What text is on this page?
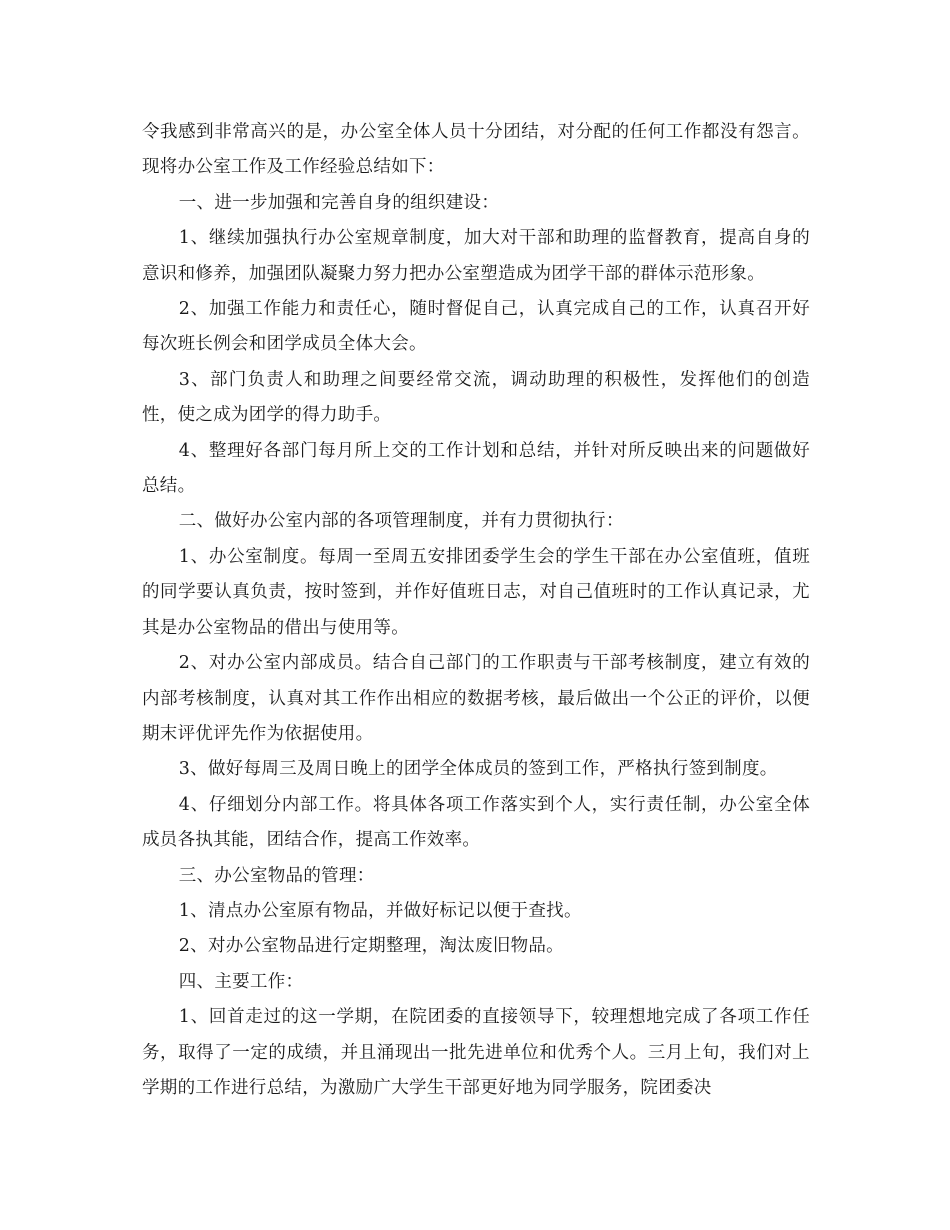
令我感到非常高兴的是，办公室全体人员十分团结，对分配的任何工作都没有怨言。现将办公室工作及工作经验总结如下：

一、进一步加强和完善自身的组织建设：

1、继续加强执行办公室规章制度，加大对干部和助理的监督教育，提高自身的意识和修养，加强团队凝聚力努力把办公室塑造成为团学干部的群体示范形象。

2、加强工作能力和责任心，随时督促自己，认真完成自己的工作，认真召开好每次班长例会和团学成员全体大会。

3、部门负责人和助理之间要经常交流，调动助理的积极性，发挥他们的创造性，使之成为团学的得力助手。

4、整理好各部门每月所上交的工作计划和总结，并针对所反映出来的问题做好总结。

二、做好办公室内部的各项管理制度，并有力贯彻执行：

1、办公室制度。每周一至周五安排团委学生会的学生干部在办公室值班，值班的同学要认真负责，按时签到，并作好值班日志，对自己值班时的工作认真记录，尤其是办公室物品的借出与使用等。

2、对办公室内部成员。结合自己部门的工作职责与干部考核制度，建立有效的内部考核制度，认真对其工作作出相应的数据考核，最后做出一个公正的评价，以便期末评优评先作为依据使用。

3、做好每周三及周日晚上的团学全体成员的签到工作，严格执行签到制度。

4、仔细划分内部工作。将具体各项工作落实到个人，实行责任制，办公室全体成员各执其能，团结合作，提高工作效率。

三、办公室物品的管理：

1、清点办公室原有物品，并做好标记以便于查找。

2、对办公室物品进行定期整理，淘汰废旧物品。

四、主要工作：

1、回首走过的这一学期，在院团委的直接领导下，较理想地完成了各项工作任务，取得了一定的成绩，并且涌现出一批先进单位和优秀个人。三月上旬，我们对上学期的工作进行总结，为激励广大学生干部更好地为同学服务，院团委决
